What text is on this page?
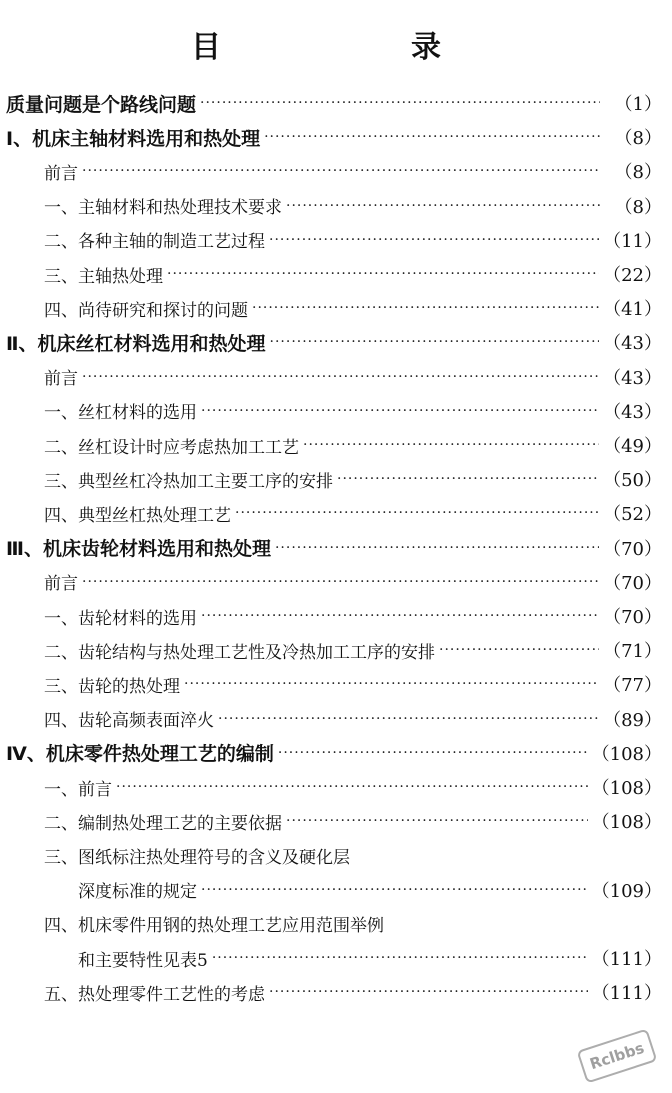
目　录
质量问题是个路线问题 ·····	（1）
Ⅰ、机床主轴材料选用和热处理 ·····	（8）
前言 ·····	（8）
一、主轴材料和热处理技术要求 ·····	（8）
二、各种主轴的制造工艺过程 ·····	（11）
三、主轴热处理 ·····	（22）
四、尚待研究和探讨的问题 ·····	（41）
Ⅱ、机床丝杠材料选用和热处理 ·····	（43）
前言 ·····	（43）
一、丝杠材料的选用 ·····	（43）
二、丝杠设计时应考虑热加工工艺 ·····	（49）
三、典型丝杠冷热加工主要工序的安排 ·····	（50）
四、典型丝杠热处理工艺 ·····	（52）
Ⅲ、机床齿轮材料选用和热处理 ·····	（70）
前言 ·····	（70）
一、齿轮材料的选用 ·····	（70）
二、齿轮结构与热处理工艺性及冷热加工工序的安排 ·····	（71）
三、齿轮的热处理 ·····	（77）
四、齿轮高频表面淬火 ·····	（89）
Ⅳ、机床零件热处理工艺的编制 ·····	（108）
一、前言 ·····	（108）
二、编制热处理工艺的主要依据 ·····	（108）
三、图纸标注热处理符号的含义及硬化层
深度标准的规定 ·····	（109）
四、机床零件用钢的热处理工艺应用范围举例
和主要特性见表5 ·····	（111）
五、热处理零件工艺性的考虑 ·····	（111）
Rclbbs
